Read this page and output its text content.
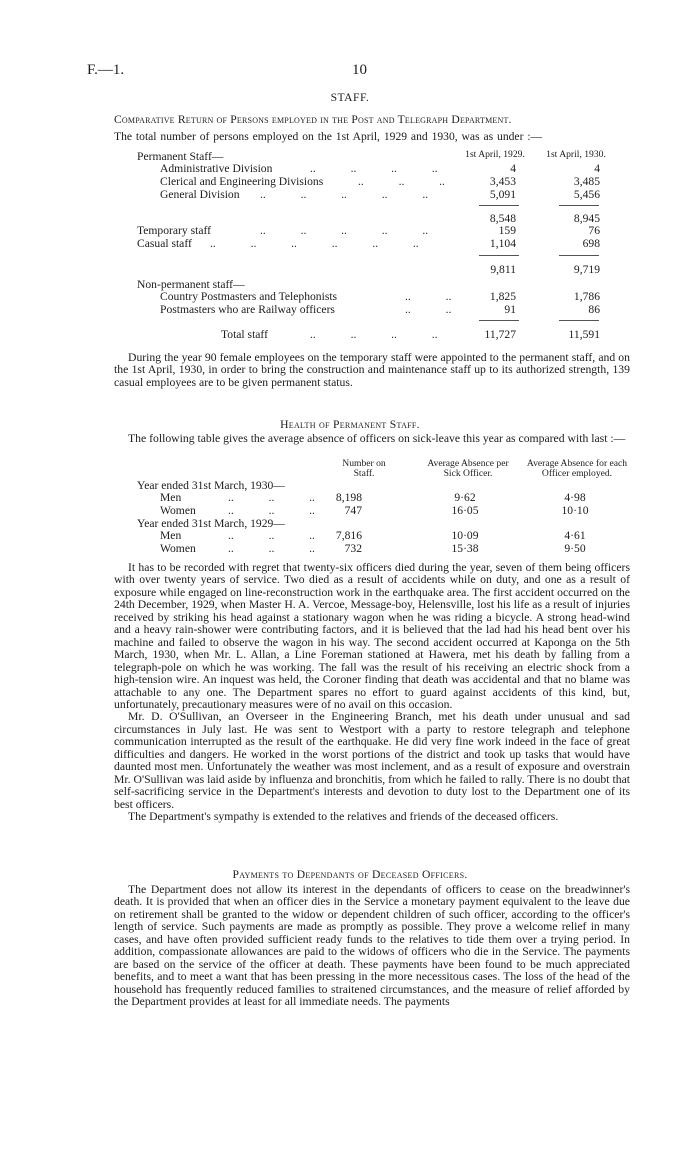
F.—1.	10
STAFF.
Comparative Return of Persons employed in the Post and Telegraph Department.
The total number of persons employed on the 1st April, 1929 and 1930, was as under :—
1st April, 1929.	1st April, 1930.
Permanent Staff—
Administrative Division	..            ..            ..            ..	4	4
Clerical and Engineering Divisions	..            ..            ..	3,453	3,485
General Division ..            ..            ..            ..            ..	5,091	5,456
8,548	8,945
Temporary staff	..            ..            ..            ..            ..	159	76
Casual staff ..            ..            ..            ..            ..            ..	1,104	698
9,811	9,719
Non-permanent staff—
Country Postmasters and Telephonists	..            ..	1,825	1,786
Postmasters who are Railway officers	..            ..	91	86
Total staff	..            ..            ..            ..	11,727	11,591

During the year 90 female employees on the temporary staff were appointed to the permanent staff, and on the 1st April, 1930, in order to bring the construction and maintenance staff up to its authorized strength, 139 casual employees are to be given permanent status.

Health of Permanent Staff.

The following table gives the average absence of officers on sick-leave this year as compared with last :—

Number on Staff.
Average Absence per Sick Officer.
Average Absence for each Officer employed.
Year ended 31st March, 1930—
Men	..            ..            ..	8,198	9·62	4·98
Women	..            ..            ..	747	16·05	10·10
Year ended 31st March, 1929—
Men	..            ..            ..	7,816	10·09	4·61
Women	..            ..            ..	732	15·38	9·50

It has to be recorded with regret that twenty-six officers died during the year, seven of them being officers with over twenty years of service. Two died as a result of accidents while on duty, and one as a result of exposure while engaged on line-reconstruction work in the earthquake area. The first accident occurred on the 24th December, 1929, when Master H. A. Vercoe, Message-boy, Helensville, lost his life as a result of injuries received by striking his head against a stationary wagon when he was riding a bicycle. A strong head-wind and a heavy rain-shower were contributing factors, and it is believed that the lad had his head bent over his machine and failed to observe the wagon in his way. The second accident occurred at Kaponga on the 5th March, 1930, when Mr. L. Allan, a Line Foreman stationed at Hawera, met his death by falling from a telegraph-pole on which he was working. The fall was the result of his receiving an electric shock from a high-tension wire. An inquest was held, the Coroner finding that death was accidental and that no blame was attachable to any one. The Department spares no effort to guard against accidents of this kind, but, unfortunately, precautionary measures were of no avail on this occasion.

Mr. D. O'Sullivan, an Overseer in the Engineering Branch, met his death under unusual and sad circumstances in July last. He was sent to Westport with a party to restore telegraph and telephone communication interrupted as the result of the earthquake. He did very fine work indeed in the face of great difficulties and dangers. He worked in the worst portions of the district and took up tasks that would have daunted most men. Unfortunately the weather was most inclement, and as a result of exposure and overstrain Mr. O'Sullivan was laid aside by influenza and bronchitis, from which he failed to rally. There is no doubt that self-sacrificing service in the Department's interests and devotion to duty lost to the Department one of its best officers.

The Department's sympathy is extended to the relatives and friends of the deceased officers.

Payments to Dependants of Deceased Officers.

The Department does not allow its interest in the dependants of officers to cease on the breadwinner's death. It is provided that when an officer dies in the Service a monetary payment equivalent to the leave due on retirement shall be granted to the widow or dependent children of such officer, according to the officer's length of service. Such payments are made as promptly as possible. They prove a welcome relief in many cases, and have often provided sufficient ready funds to the relatives to tide them over a trying period. In addition, compassionate allowances are paid to the widows of officers who die in the Service. The payments are based on the service of the officer at death. These payments have been found to be much appreciated benefits, and to meet a want that has been pressing in the more necessitous cases. The loss of the head of the household has frequently reduced families to straitened circumstances, and the measure of relief afforded by the Department provides at least for all immediate needs. The payments
